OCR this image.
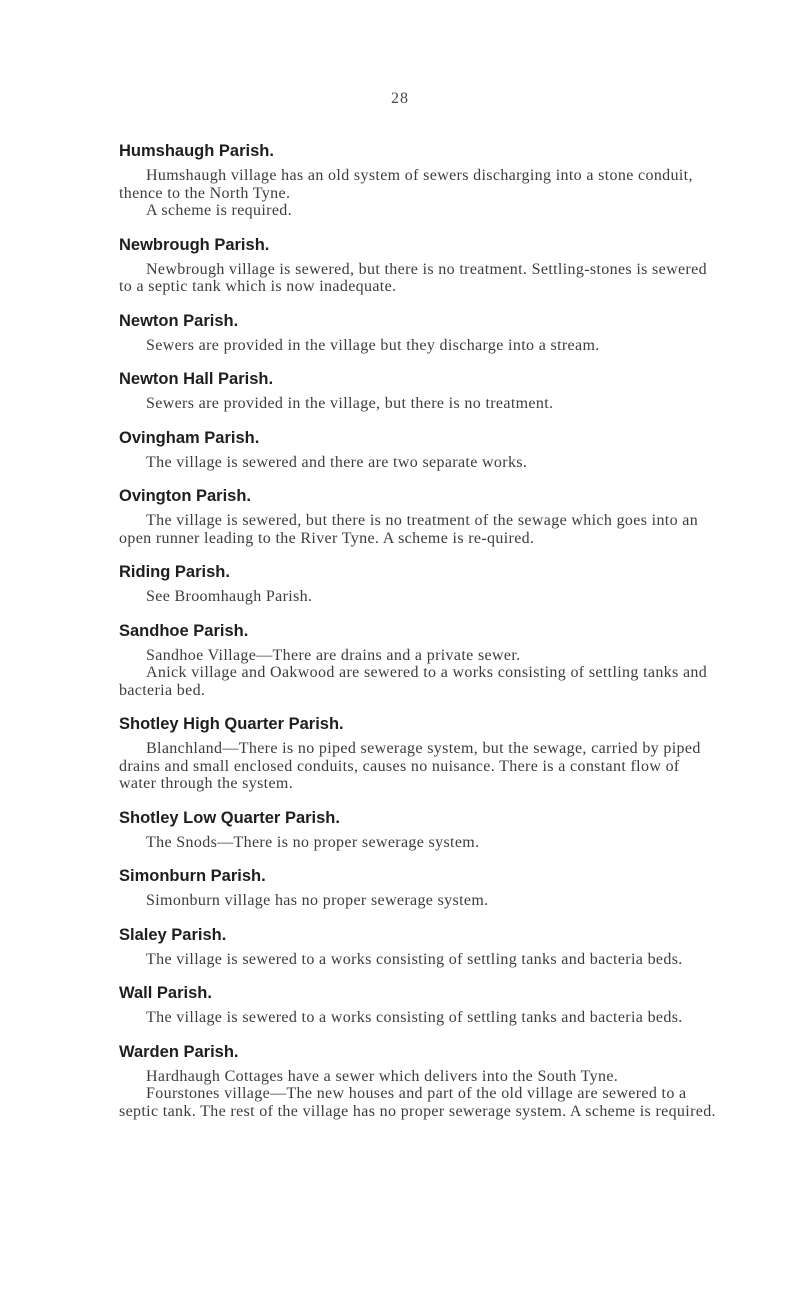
28
Humshaugh Parish.

Humshaugh village has an old system of sewers discharging into a stone conduit, thence to the North Tyne.

A scheme is required.

Newbrough Parish.

Newbrough village is sewered, but there is no treatment. Settling-stones is sewered to a septic tank which is now inadequate.

Newton Parish.

Sewers are provided in the village but they discharge into a stream.

Newton Hall Parish.

Sewers are provided in the village, but there is no treatment.

Ovingham Parish.

The village is sewered and there are two separate works.

Ovington Parish.

The village is sewered, but there is no treatment of the sewage which goes into an open runner leading to the River Tyne. A scheme is re-quired.

Riding Parish.

See Broomhaugh Parish.

Sandhoe Parish.

Sandhoe Village—There are drains and a private sewer.

Anick village and Oakwood are sewered to a works consisting of settling tanks and bacteria bed.

Shotley High Quarter Parish.

Blanchland—There is no piped sewerage system, but the sewage, carried by piped drains and small enclosed conduits, causes no nuisance. There is a constant flow of water through the system.

Shotley Low Quarter Parish.

The Snods—There is no proper sewerage system.

Simonburn Parish.

Simonburn village has no proper sewerage system.

Slaley Parish.

The village is sewered to a works consisting of settling tanks and bacteria beds.

Wall Parish.

The village is sewered to a works consisting of settling tanks and bacteria beds.

Warden Parish.

Hardhaugh Cottages have a sewer which delivers into the South Tyne.

Fourstones village—The new houses and part of the old village are sewered to a septic tank. The rest of the village has no proper sewerage system. A scheme is required.
